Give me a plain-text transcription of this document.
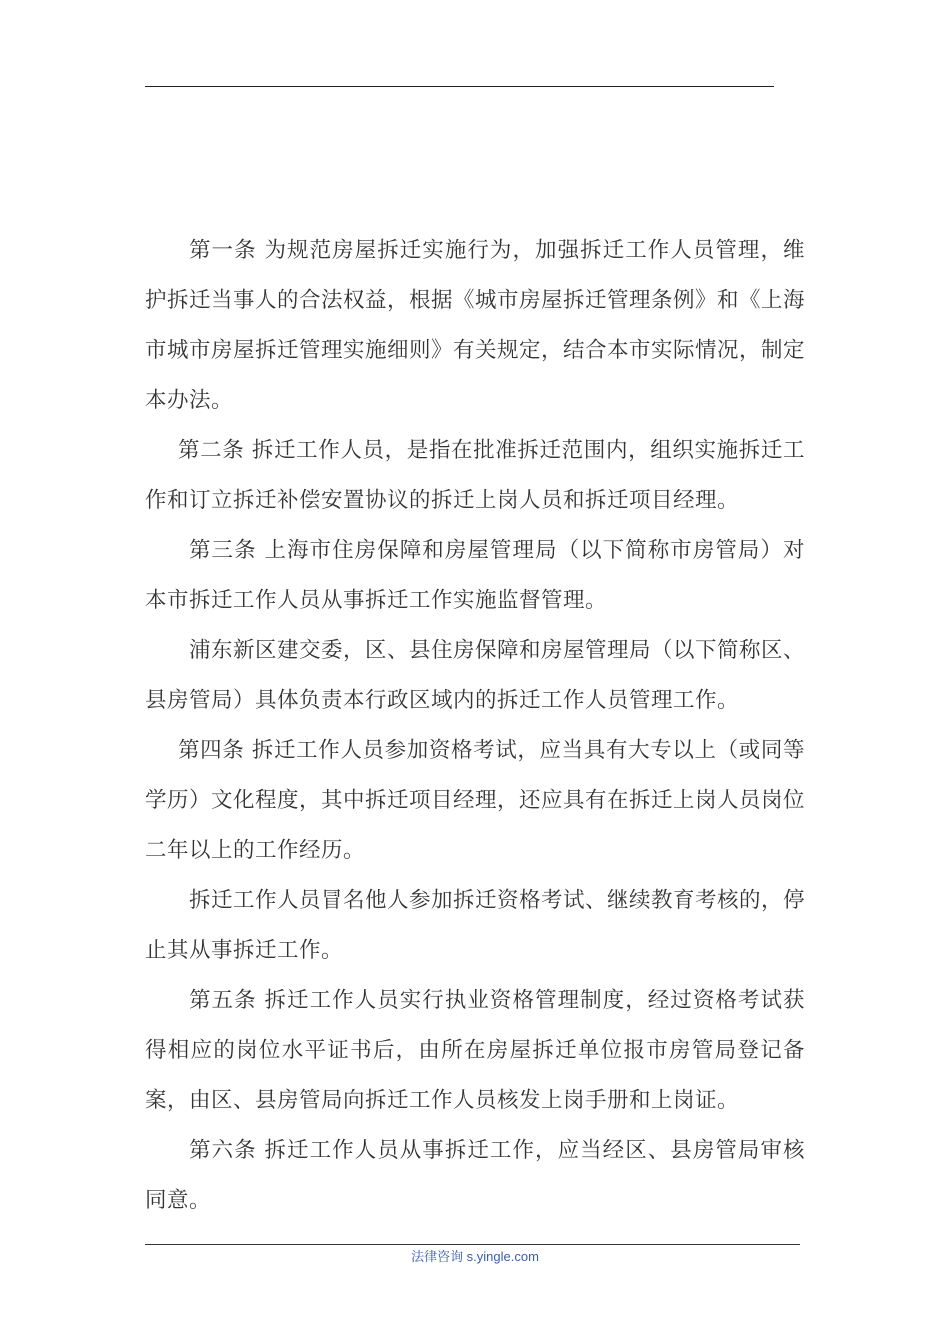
第一条 为规范房屋拆迁实施行为，加强拆迁工作人员管理，维护拆迁当事人的合法权益，根据《城市房屋拆迁管理条例》和《上海市城市房屋拆迁管理实施细则》有关规定，结合本市实际情况，制定本办法。

第二条 拆迁工作人员，是指在批准拆迁范围内，组织实施拆迁工作和订立拆迁补偿安置协议的拆迁上岗人员和拆迁项目经理。

第三条 上海市住房保障和房屋管理局（以下简称市房管局）对本市拆迁工作人员从事拆迁工作实施监督管理。

浦东新区建交委，区、县住房保障和房屋管理局（以下简称区、县房管局）具体负责本行政区域内的拆迁工作人员管理工作。

第四条 拆迁工作人员参加资格考试，应当具有大专以上（或同等学历）文化程度，其中拆迁项目经理，还应具有在拆迁上岗人员岗位二年以上的工作经历。

拆迁工作人员冒名他人参加拆迁资格考试、继续教育考核的，停止其从事拆迁工作。

第五条 拆迁工作人员实行执业资格管理制度，经过资格考试获得相应的岗位水平证书后，由所在房屋拆迁单位报市房管局登记备案，由区、县房管局向拆迁工作人员核发上岗手册和上岗证。

第六条 拆迁工作人员从事拆迁工作，应当经区、县房管局审核同意。

法律咨询 s.yingle.com
